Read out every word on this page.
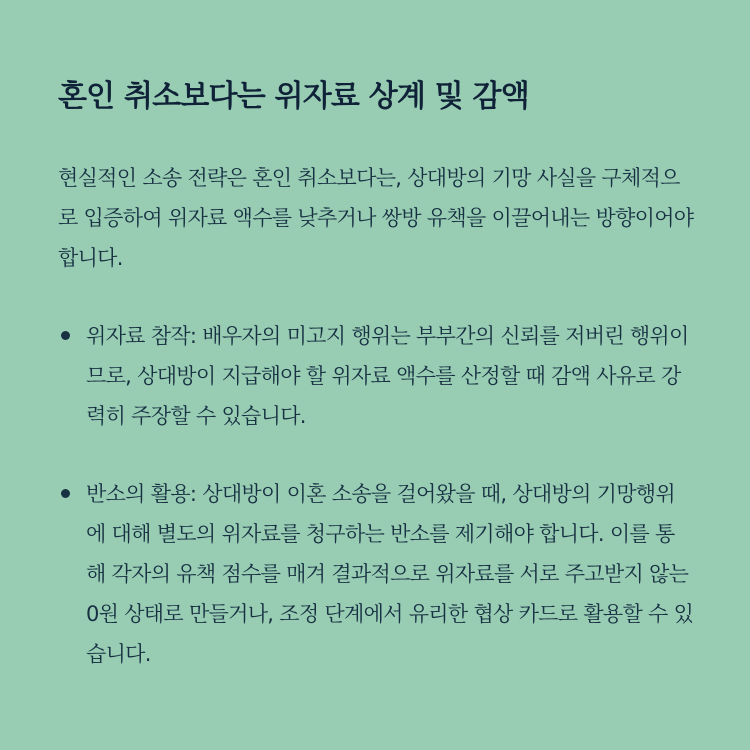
혼인 취소보다는 위자료 상계 및 감액

현실적인 소송 전략은 혼인 취소보다는, 상대방의 기망 사실을 구체적으로 입증하여 위자료 액수를 낮추거나 쌍방 유책을 이끌어내는 방향이어야 합니다.

위자료 참작: 배우자의 미고지 행위는 부부간의 신뢰를 저버린 행위이므로, 상대방이 지급해야 할 위자료 액수를 산정할 때 감액 사유로 강력히 주장할 수 있습니다.
반소의 활용: 상대방이 이혼 소송을 걸어왔을 때, 상대방의 기망행위에 대해 별도의 위자료를 청구하는 반소를 제기해야 합니다. 이를 통해 각자의 유책 점수를 매겨 결과적으로 위자료를 서로 주고받지 않는 0원 상태로 만들거나, 조정 단계에서 유리한 협상 카드로 활용할 수 있습니다.
